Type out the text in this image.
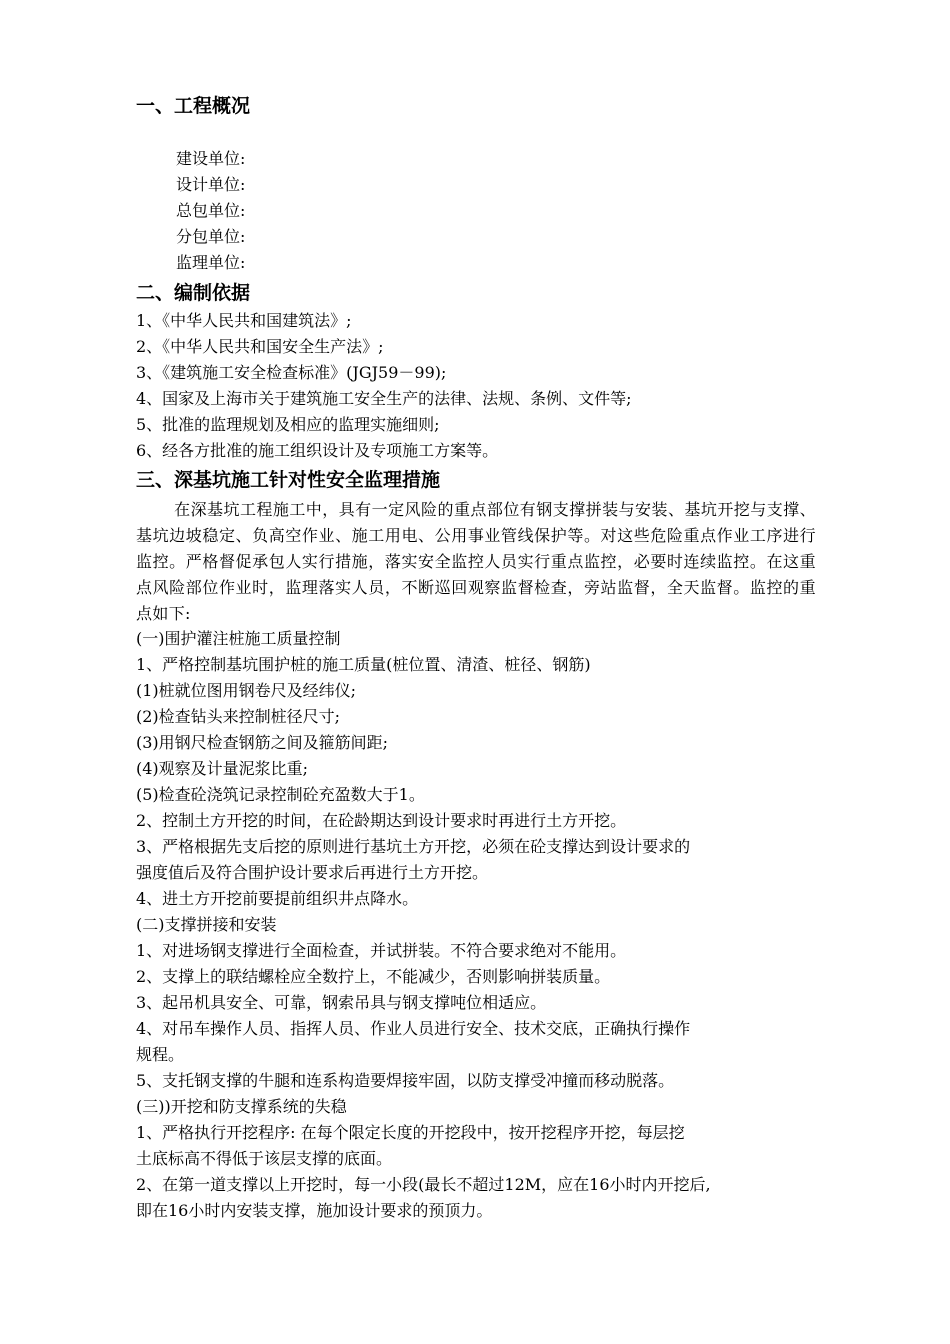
一、工程概况
建设单位:
设计单位:
总包单位:
分包单位:
监理单位:
二、编制依据
1、《中华人民共和国建筑法》;
2、《中华人民共和国安全生产法》;
3、《建筑施工安全检查标准》(JGJ59－99);
4、国家及上海市关于建筑施工安全生产的法律、法规、条例、文件等;
5、批准的监理规划及相应的监理实施细则;
6、经各方批准的施工组织设计及专项施工方案等。
三、深基坑施工针对性安全监理措施
在深基坑工程施工中，具有一定风险的重点部位有钢支撑拼装与安装、基坑开挖与支撑、基坑边坡稳定、负高空作业、施工用电、公用事业管线保护等。对这些危险重点作业工序进行监控。严格督促承包人实行措施，落实安全监控人员实行重点监控，必要时连续监控。在这重点风险部位作业时，监理落实人员，不断巡回观察监督检查，旁站监督，全天监督。监控的重点如下:
(一)围护灌注桩施工质量控制
1、严格控制基坑围护桩的施工质量(桩位置、清渣、桩径、钢筋)
(1)桩就位图用钢卷尺及经纬仪;
(2)检查钻头来控制桩径尺寸;
(3)用钢尺检查钢筋之间及箍筋间距;
(4)观察及计量泥浆比重;
(5)检查砼浇筑记录控制砼充盈数大于1。
2、控制土方开挖的时间，在砼龄期达到设计要求时再进行土方开挖。
3、严格根据先支后挖的原则进行基坑土方开挖，必须在砼支撑达到设计要求的
强度值后及符合围护设计要求后再进行土方开挖。
4、进土方开挖前要提前组织井点降水。
(二)支撑拼接和安装
1、对进场钢支撑进行全面检查，并试拼装。不符合要求绝对不能用。
2、支撑上的联结螺栓应全数拧上，不能减少，否则影响拼装质量。
3、起吊机具安全、可靠，钢索吊具与钢支撑吨位相适应。
4、对吊车操作人员、指挥人员、作业人员进行安全、技术交底，正确执行操作
规程。
5、支托钢支撑的牛腿和连系构造要焊接牢固，以防支撑受冲撞而移动脱落。
(三))开挖和防支撑系统的失稳
1、严格执行开挖程序: 在每个限定长度的开挖段中，按开挖程序开挖，每层挖
土底标高不得低于该层支撑的底面。
2、在第一道支撑以上开挖时，每一小段(最长不超过12M，应在16小时内开挖后,
即在16小时内安装支撑，施加设计要求的预顶力。
